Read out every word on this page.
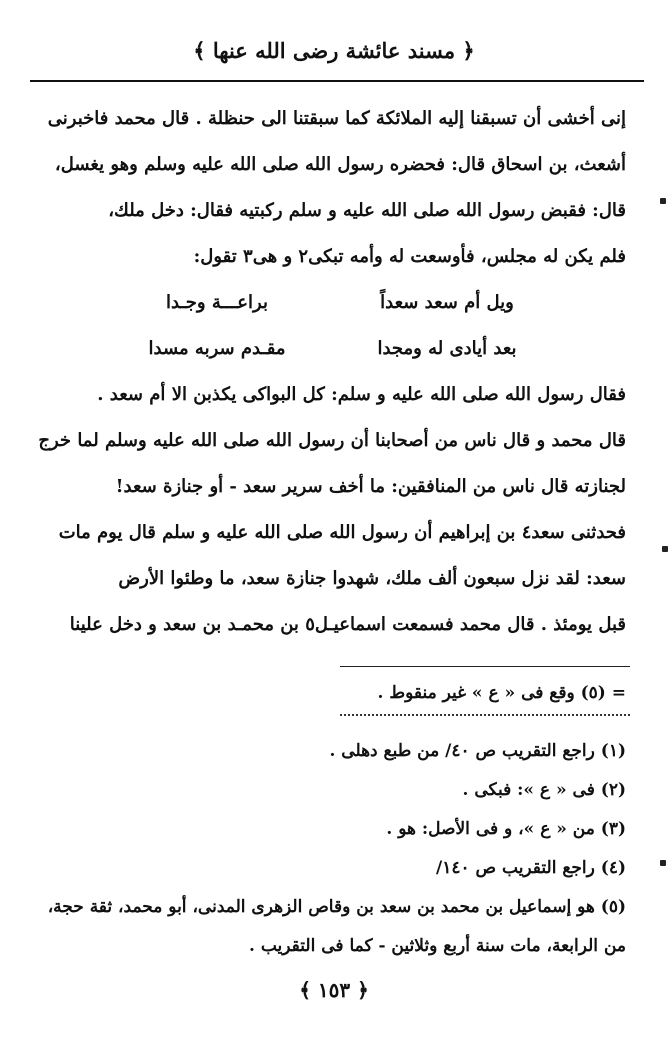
﴿ مسند عائشة رضى الله عنها ﴾
إنى أخشى أن تسبقنا إليه الملائكة كما سبقتنا الى حنظلة . قال محمد فاخبرنى
أشعث، بن اسحاق قال: فحضره رسول الله صلى الله عليه وسلم وهو يغسل،
قال: فقبض رسول الله صلى الله عليه و سلم ركبتيه فقال: دخل ملك،
فلم يكن له مجلس، فأوسعت له وأمه تبكى٢ و هى٣ تقول:
ويل أم سعد سعداً
براعـــة وجـدا
بعد أيادى له ومجدا
مقـدم سربه مسدا
فقال رسول الله صلى الله عليه و سلم: كل البواكى يكذبن الا أم سعد .
قال محمد و قال ناس من أصحابنا أن رسول الله صلى الله عليه وسلم لما خرج
لجنازته قال ناس من المنافقين: ما أخف سرير سعد - أو جنازة سعد!
فحدثنى سعد٤ بن إبراهيم أن رسول الله صلى الله عليه و سلم قال يوم مات
سعد: لقد نزل سبعون ألف ملك، شهدوا جنازة سعد، ما وطئوا الأرض
قبل يومئذ . قال محمد فسمعت اسماعيـل٥ بن محمـد بن سعد و دخل علينا
= (٥) وقع فى « ع » غير منقوط .
(١) راجع التقريب ص ٤٠/ من طبع دهلى .
(٢) فى « ع »: فبكى .
(٣) من « ع »، و فى الأصل: هو .
(٤) راجع التقريب ص ١٤٠/
(٥) هو إسماعيل بن محمد بن سعد بن وقاص الزهرى المدنى، أبو محمد، ثقة حجة،
من الرابعة، مات سنة أربع وثلاثين - كما فى التقريب .
﴿ ١٥٣ ﴾
